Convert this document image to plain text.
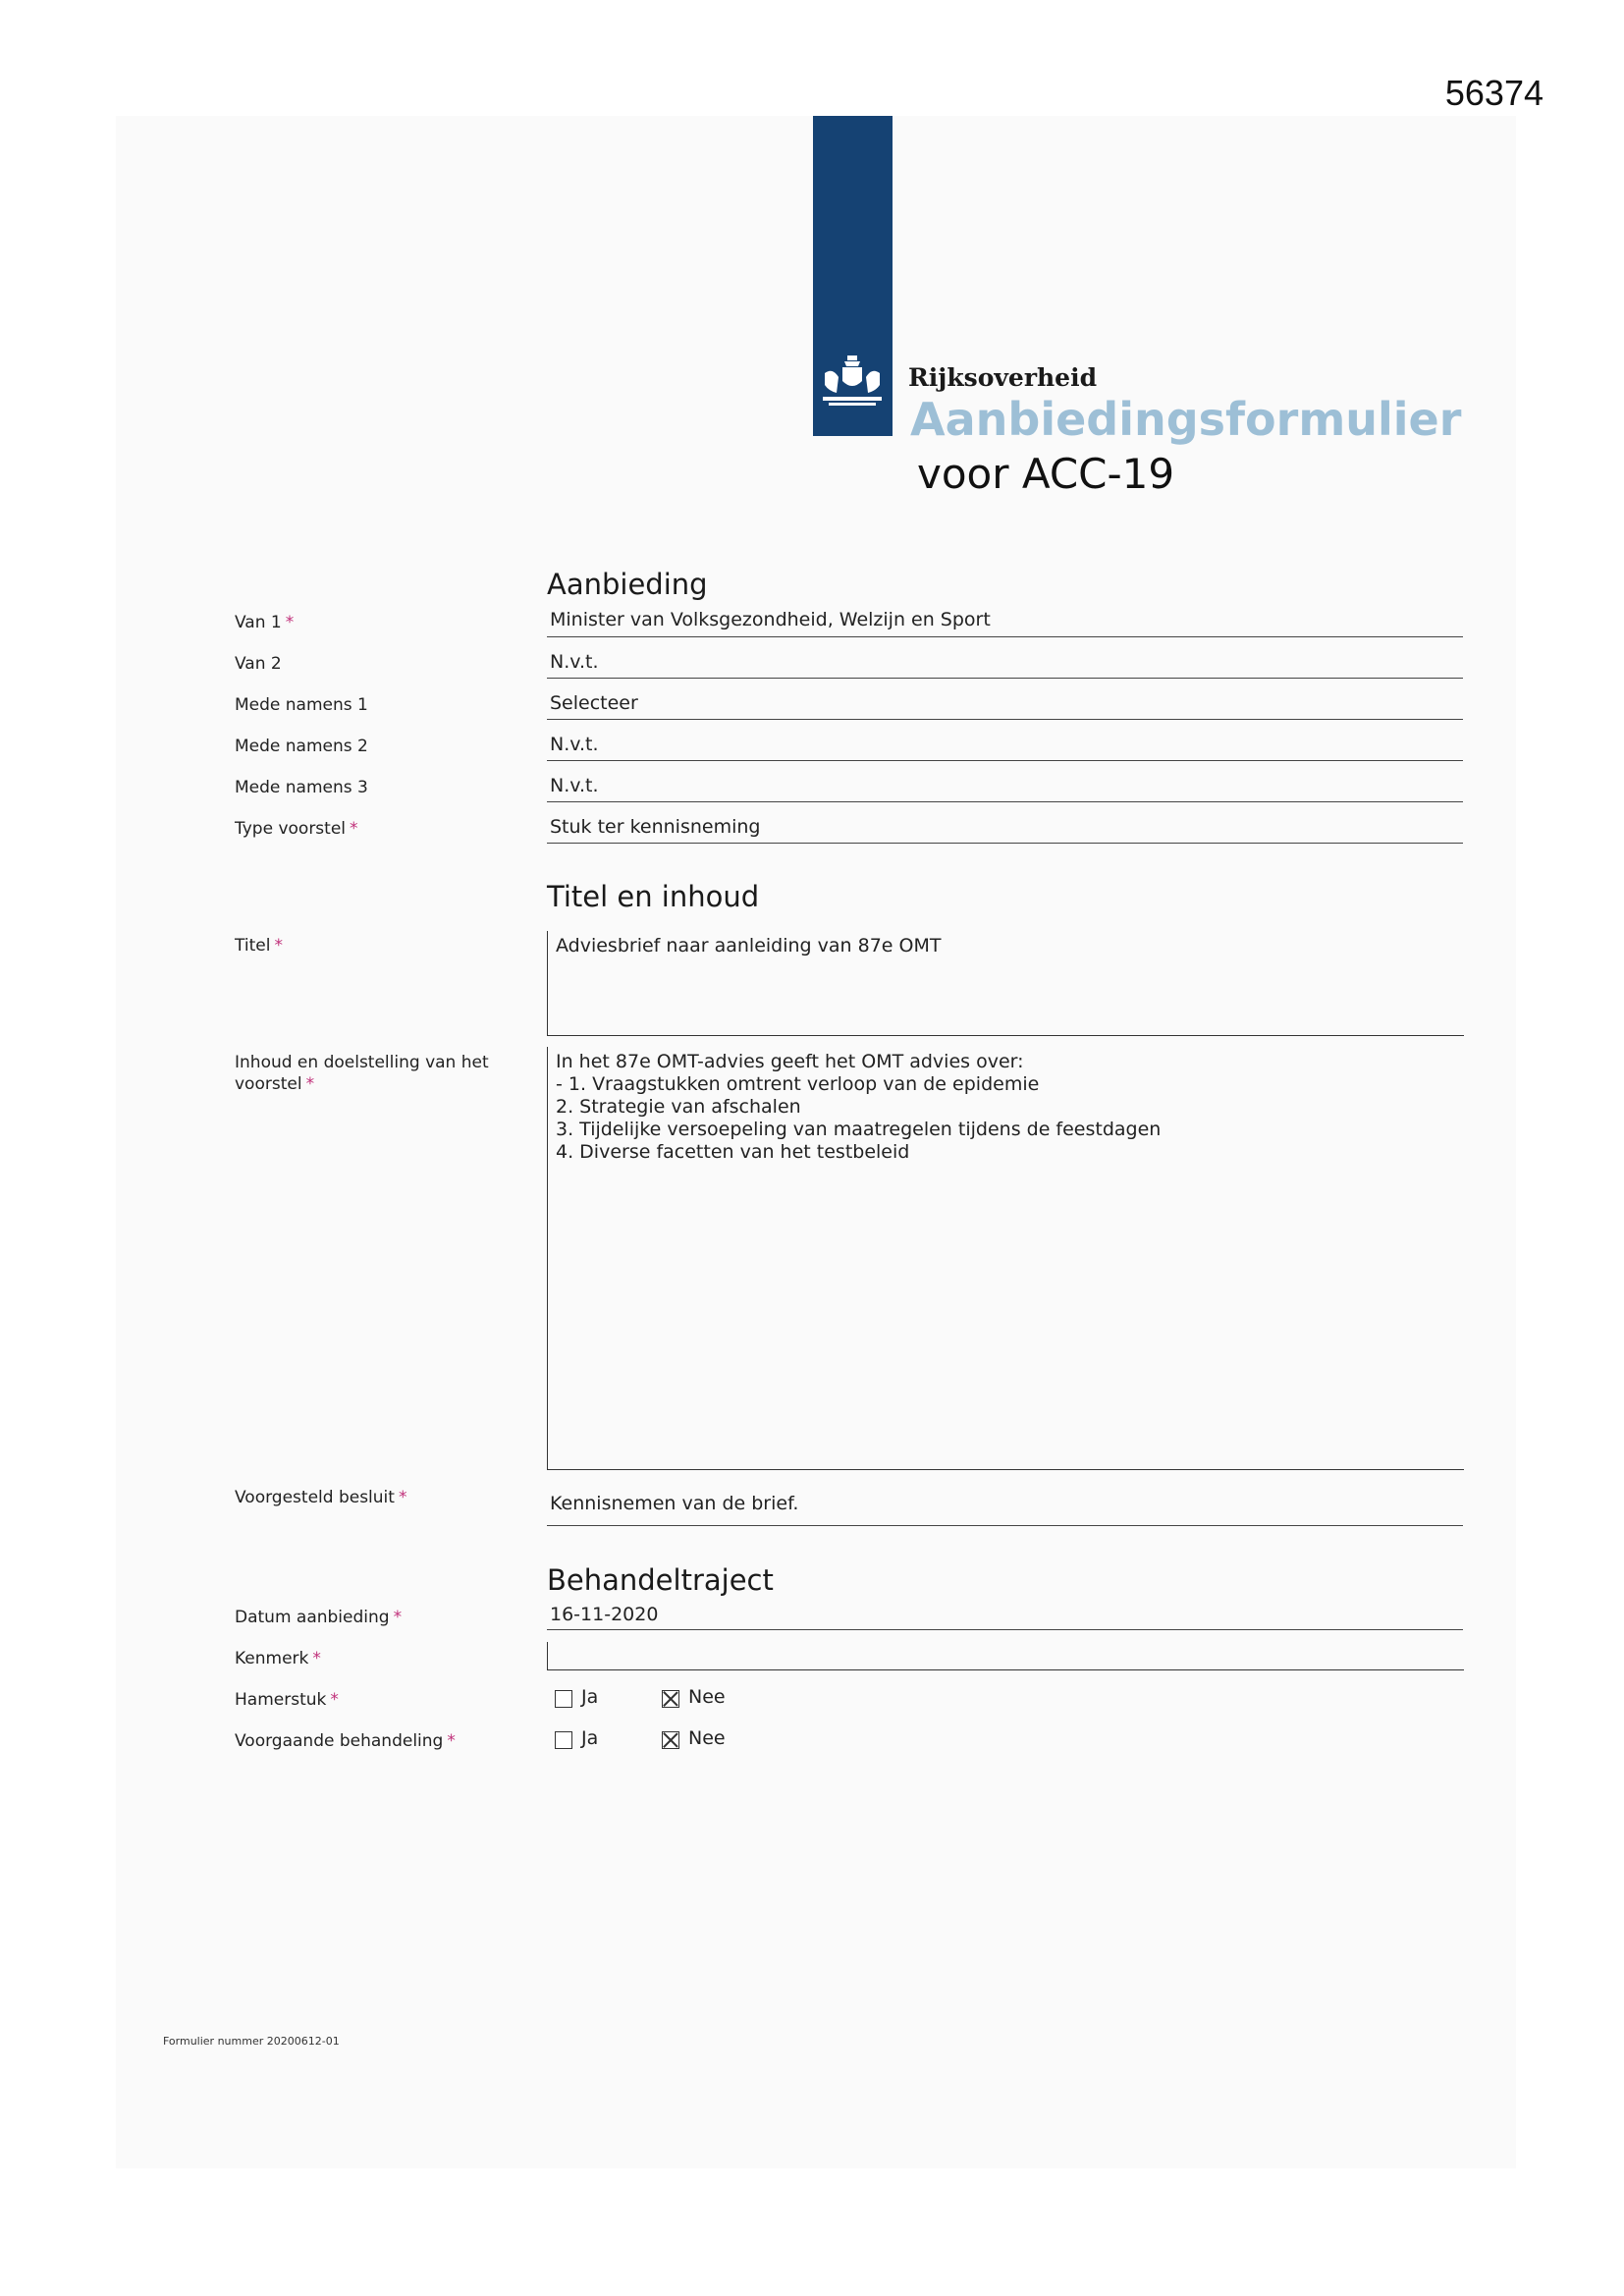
56374
Rijksoverheid
Aanbiedingsformulier
voor ACC-19
Aanbieding
Van 1 *	Minister van Volksgezondheid, Welzijn en Sport
Van 2	N.v.t.
Mede namens 1	Selecteer
Mede namens 2	N.v.t.
Mede namens 3	N.v.t.
Type voorstel *	Stuk ter kennisneming
Titel en inhoud
Titel *	Adviesbrief naar aanleiding van 87e OMT
Inhoud en doelstelling van het
voorstel *
In het 87e OMT-advies geeft het OMT advies over:
- 1. Vraagstukken omtrent verloop van de epidemie
2. Strategie van afschalen
3. Tijdelijke versoepeling van maatregelen tijdens de feestdagen
4. Diverse facetten van het testbeleid
Voorgesteld besluit *	Kennisnemen van de brief.
Behandeltraject
Datum aanbieding *	16-11-2020
Kenmerk *
Hamerstuk *	Ja	Nee
Voorgaande behandeling *	Ja	Nee
Formulier nummer 20200612-01
